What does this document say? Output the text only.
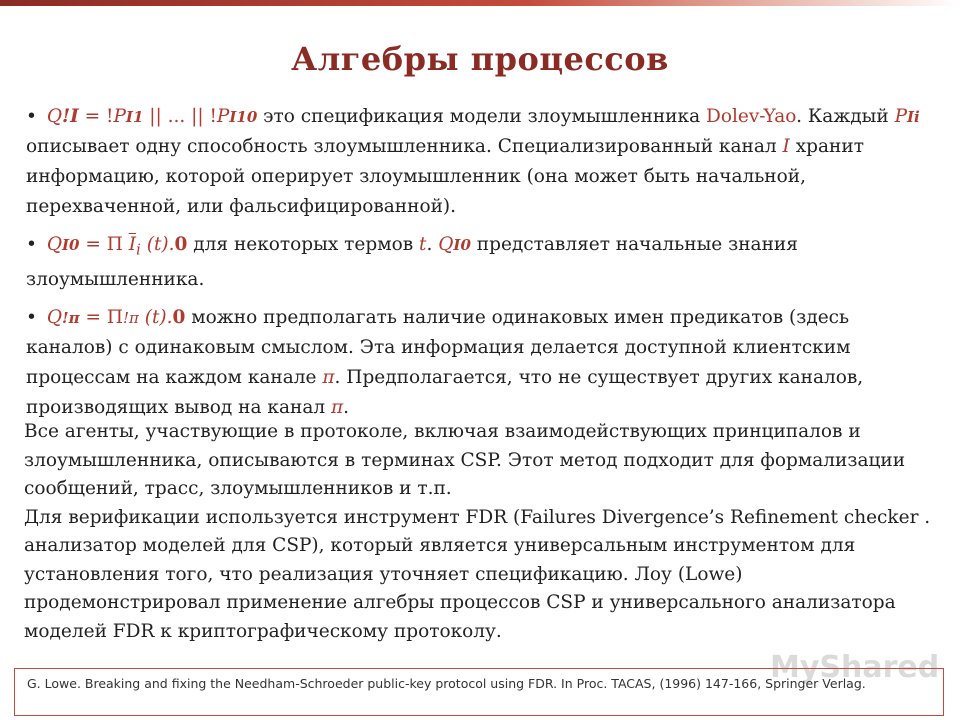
Алгебры процессов
• Q!I = !PI1 || ... || !PI10 это спецификация модели злоумышленника Dolev-Yao. Каждый PIi описывает одну способность злоумышленника. Специализированный канал I хранит информацию, которой оперирует злоумышленник (она может быть начальной, перехваченной, или фальсифицированной).
• QI0 = Π $\overline{I}_i$ (t).0 для некоторых термов t. QI0 представляет начальные знания злоумышленника.
• Q!π = Π!π (t).0 можно предполагать наличие одинаковых имен предикатов (здесь каналов) с одинаковым смыслом. Эта информация делается доступной клиентским процессам на каждом канале π. Предполагается, что не существует других каналов, производящих вывод на канал π.

Все агенты, участвующие в протоколе, включая взаимодействующих принципалов и злоумышленника, описываются в терминах CSP. Этот метод подходит для формализации сообщений, трасс, злоумышленников и т.п.

Для верификации используется инструмент FDR (Failures Divergence’s Refinement checker . анализатор моделей для CSP), который является универсальным инструментом для установления того, что реализация уточняет спецификацию. Лоу (Lowe) продемонстрировал применение алгебры процессов CSP и универсального анализатора моделей FDR к криптографическому протоколу.

MyShared
G. Lowe. Breaking and fixing the Needham-Schroeder public-key protocol using FDR. In Proc. TACAS, (1996) 147-166, Springer Verlag.
